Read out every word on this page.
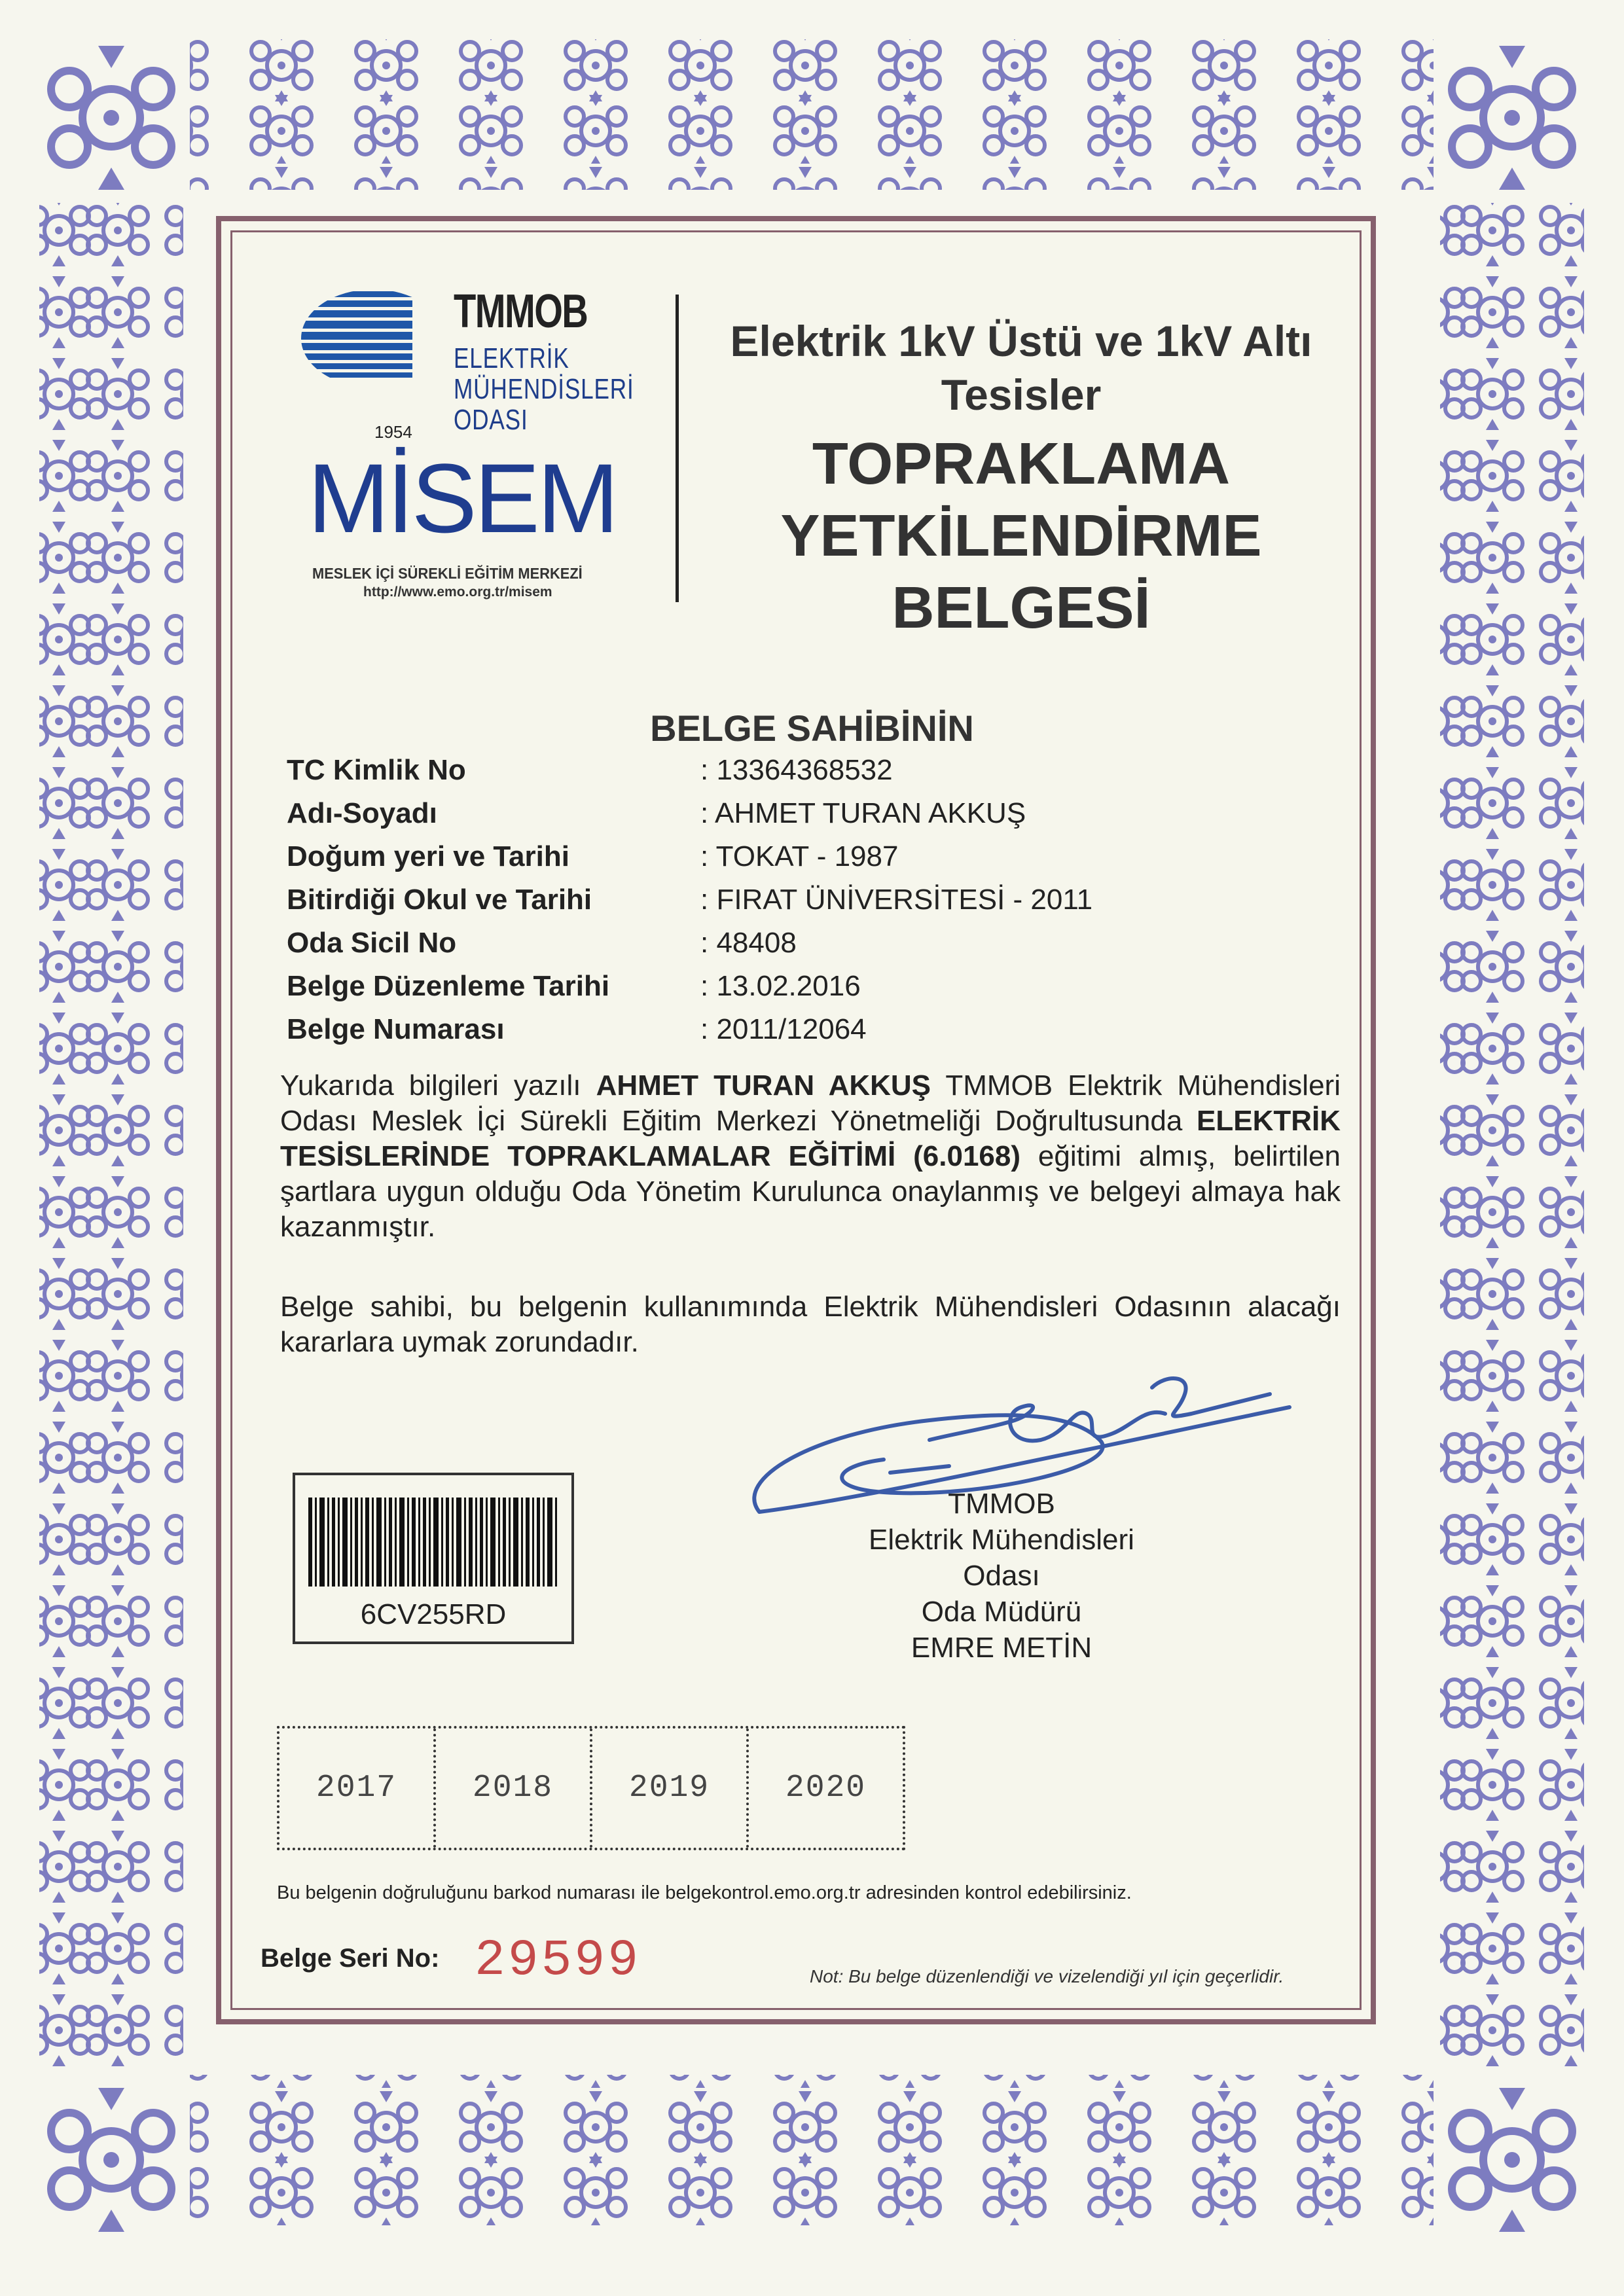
TMMOB
ELEKTRİK
MÜHENDİSLERİ
ODASI
1954
MİSEM
MESLEK İÇİ SÜREKLİ EĞİTİM MERKEZİ
http://www.emo.org.tr/misem
Elektrik 1kV Üstü ve 1kV Altı
Tesisler
TOPRAKLAMA
YETKİLENDİRME
BELGESİ
BELGE SAHİBİNİN
TC Kimlik No	: 13364368532
Adı-Soyadı	: AHMET TURAN AKKUŞ
Doğum yeri ve Tarihi	: TOKAT - 1987
Bitirdiği Okul ve Tarihi	: FIRAT ÜNİVERSİTESİ - 2011
Oda Sicil No	: 48408
Belge Düzenleme Tarihi	: 13.02.2016
Belge Numarası	: 2011/12064
Yukarıda bilgileri yazılı AHMET TURAN AKKUŞ TMMOB Elektrik Mühendisleri Odası Meslek İçi Sürekli Eğitim Merkezi Yönetmeliği Doğrultusunda ELEKTRİK TESİSLERİNDE TOPRAKLAMALAR EĞİTİMİ (6.0168) eğitimi almış, belirtilen şartlara uygun olduğu Oda Yönetim Kurulunca onaylanmış ve belgeyi almaya hak kazanmıştır.
Belge sahibi, bu belgenin kullanımında Elektrik Mühendisleri Odasının alacağı kararlara uymak zorundadır.
TMMOB
Elektrik Mühendisleri Odası
Oda Müdürü
EMRE METİN
6CV255RD
2017	2018	2019	2020
Bu belgenin doğruluğunu barkod numarası ile belgekontrol.emo.org.tr adresinden kontrol edebilirsiniz.
Belge Seri No: 29599	Not: Bu belge düzenlendiği ve vizelendiği yıl için geçerlidir.
